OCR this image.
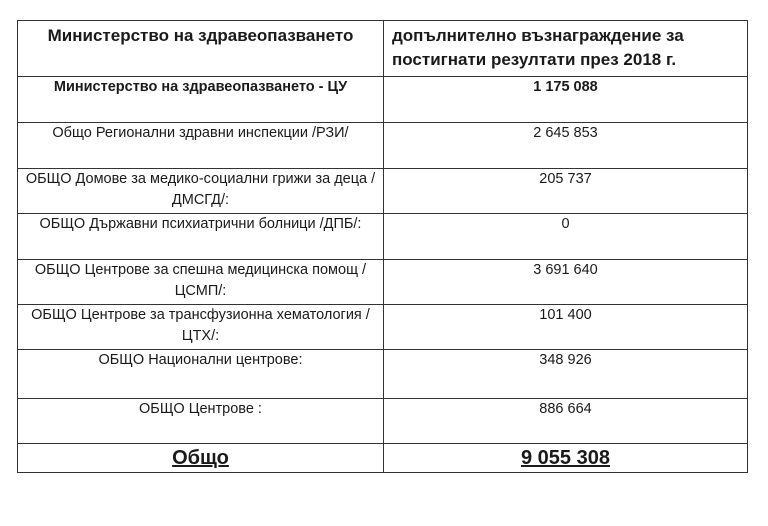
Министерство на здравеопазването	допълнително възнаграждение за постигнати резултати през 2018 г.
Министерство на здравеопазването - ЦУ	1 175 088
Общо Регионални здравни инспекции /РЗИ/	2 645 853
ОБЩО Домове за медико-социални грижи за деца /ДМСГД/:	205 737
ОБЩО Държавни психиатрични болници /ДПБ/:	0
ОБЩО Центрове за спешна медицинска помощ /ЦСМП/:	3 691 640
ОБЩО Центрове за трансфузионна хематология /ЦТХ/:	101 400
ОБЩО Национални центрове:	348 926
ОБЩО Центрове :	886 664
Общо	9 055 308
